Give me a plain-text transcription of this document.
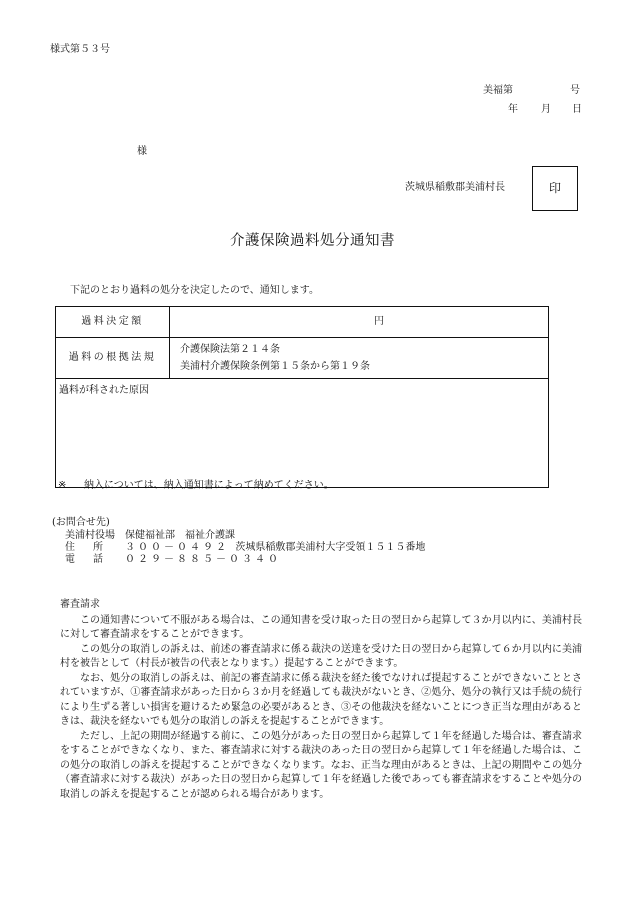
様式第５３号
美福第	号
年 月 日
様
茨城県稲敷郡美浦村長	印
介護保険過料処分通知書
下記のとおり過料の処分を決定したので、通知します。
過料決定額	円
過料の根拠法規	介護保険法第２１４条
美浦村介護保険条例第１５条から第１９条

過料が科された原因	
※ 納入については、納入通知書によって納めてください。
(お問合せ先)
美浦村役場　保健福祉部　福祉介護課
住所 ３００－０４９２ 茨城県稲敷郡美浦村大字受領１５１５番地
電話 ０２９－８８５－０３４０
審査請求

この通知書について不服がある場合は、この通知書を受け取った日の翌日から起算して３か月以内に、美浦村長に対して審査請求をすることができます。

この処分の取消しの訴えは、前述の審査請求に係る裁決の送達を受けた日の翌日から起算して６か月以内に美浦村を被告として（村長が被告の代表となります。）提起することができます。

なお、処分の取消しの訴えは、前記の審査請求に係る裁決を経た後でなければ提起することができないこととされていますが、①審査請求があった日から３か月を経過しても裁決がないとき、②処分、処分の執行又は手続の続行により生ずる著しい損害を避けるため緊急の必要があるとき、③その他裁決を経ないことにつき正当な理由があるときは、裁決を経ないでも処分の取消しの訴えを提起することができます。

ただし、上記の期間が経過する前に、この処分があった日の翌日から起算して１年を経過した場合は、審査請求をすることができなくなり、また、審査請求に対する裁決のあった日の翌日から起算して１年を経過した場合は、この処分の取消しの訴えを提起することができなくなります。なお、正当な理由があるときは、上記の期間やこの処分（審査請求に対する裁決）があった日の翌日から起算して１年を経過した後であっても審査請求をすることや処分の取消しの訴えを提起することが認められる場合があります。
